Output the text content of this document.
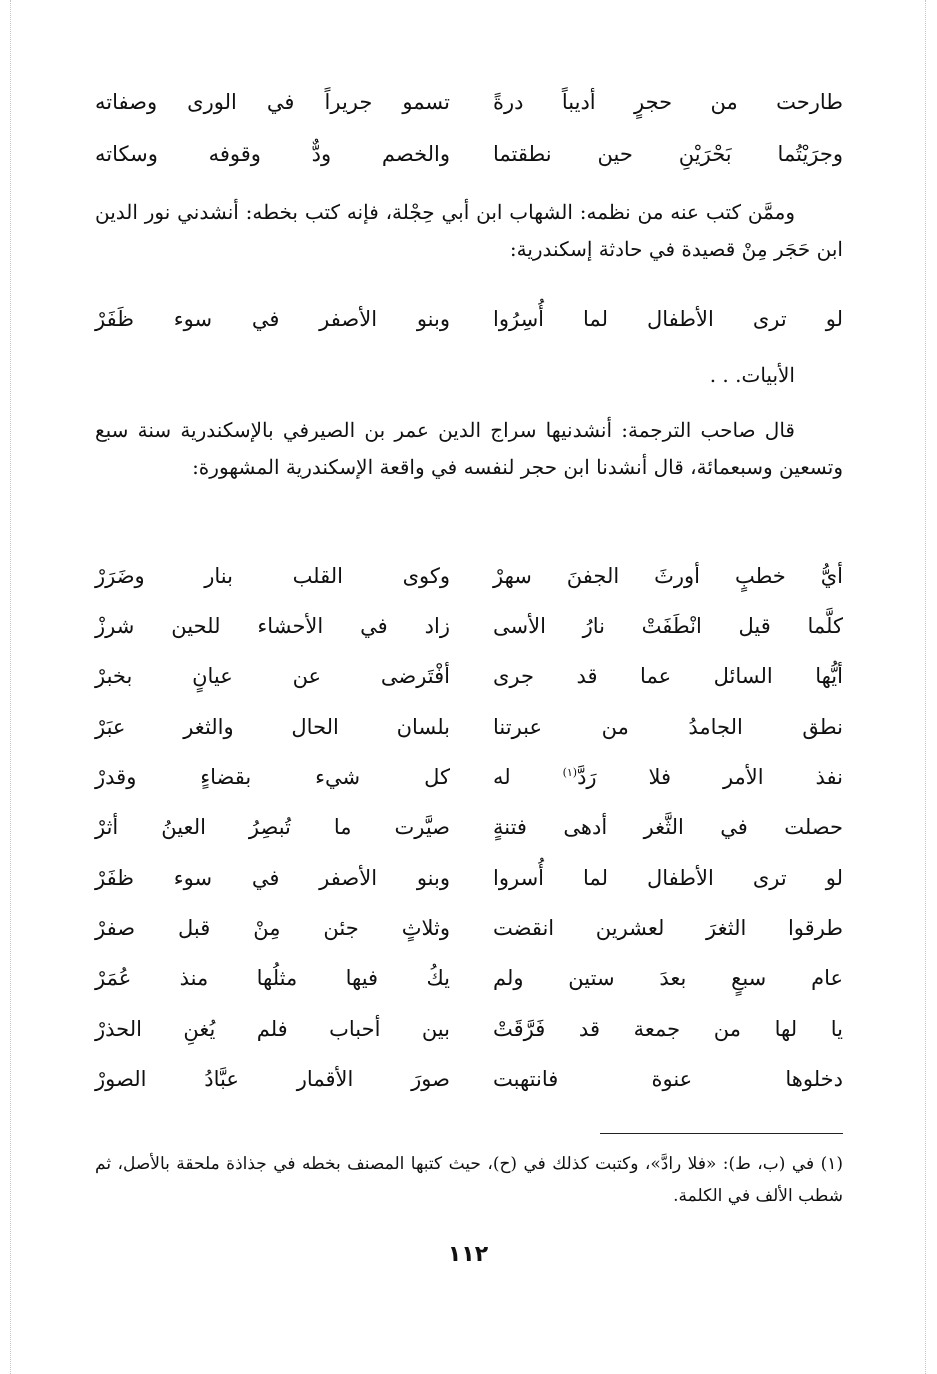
طارحت من حجرٍ أديباً درةً
تسمو جريراً في الورى وصفاته
وجرَيْتُما بَحْرَيْنِ حين نطقتما
والخصم ودٌّ وقوفه وسكاته

وممَّن كتب عنه من نظمه: الشهاب ابن أبي حِجْلة، فإنه كتب بخطه: أنشدني نور الدين ابن حَجَر مِنْ قصيدة في حادثة إسكندرية:

لو ترى الأطفال لما أُسِرُوا
وبنو الأصفر في سوء ظَفَرْ

الأبيات. . .

قال صاحب الترجمة: أنشدنيها سراج الدين عمر بن الصيرفي بالإسكندرية سنة سبع وتسعين وسبعمائة، قال أنشدنا ابن حجر لنفسه في واقعة الإسكندرية المشهورة:

أيُّ خطبٍ أورثَ الجفنَ سهرْ
وكوى القلب بنار وضَرَرْ
كلَّما قيل انْطَفَتْ نارُ الأسى
زاد في الأحشاء للحين شرزْ
أيُّها السائل عما قد جرى
أفْتَرضى عن عيانٍ بخبرْ
نطق الجامدُ من عبرتنا
بلسان الحال والثغر عبَرْ
نفذ الأمر فلا رَدَّ$^{(١)}$ له
كل شيء بقضاءٍ وقدرْ
حصلت في الثَّغر أدهى فتنةٍ
صيَّرت ما تُبصِرُ العينُ أثرْ
لو ترى الأطفال لما أُسروا
وبنو الأصفر في سوء ظفَرْ
طرقوا الثغرَ لعشرين انقضت
وثلاثٍ جئن مِنْ قبل صفرْ
عام سبعٍ بعدَ ستين ولم
يكُ فيها مثلُها منذ عُمَرْ
يا لها من جمعة قد فَرَّقَتْ
بين أحباب فلم يُغنِ الحذرْ
دخلوها عنوة فانتهبت
صورَ الأقمار عبَّادُ الصورْ

(١) في (ب، ط): «فلا رادَّ»، وكتبت كذلك في (ح)، حيث كتبها المصنف بخطه في جذاذة ملحقة بالأصل، ثم شطب الألف في الكلمة.

١١٢
